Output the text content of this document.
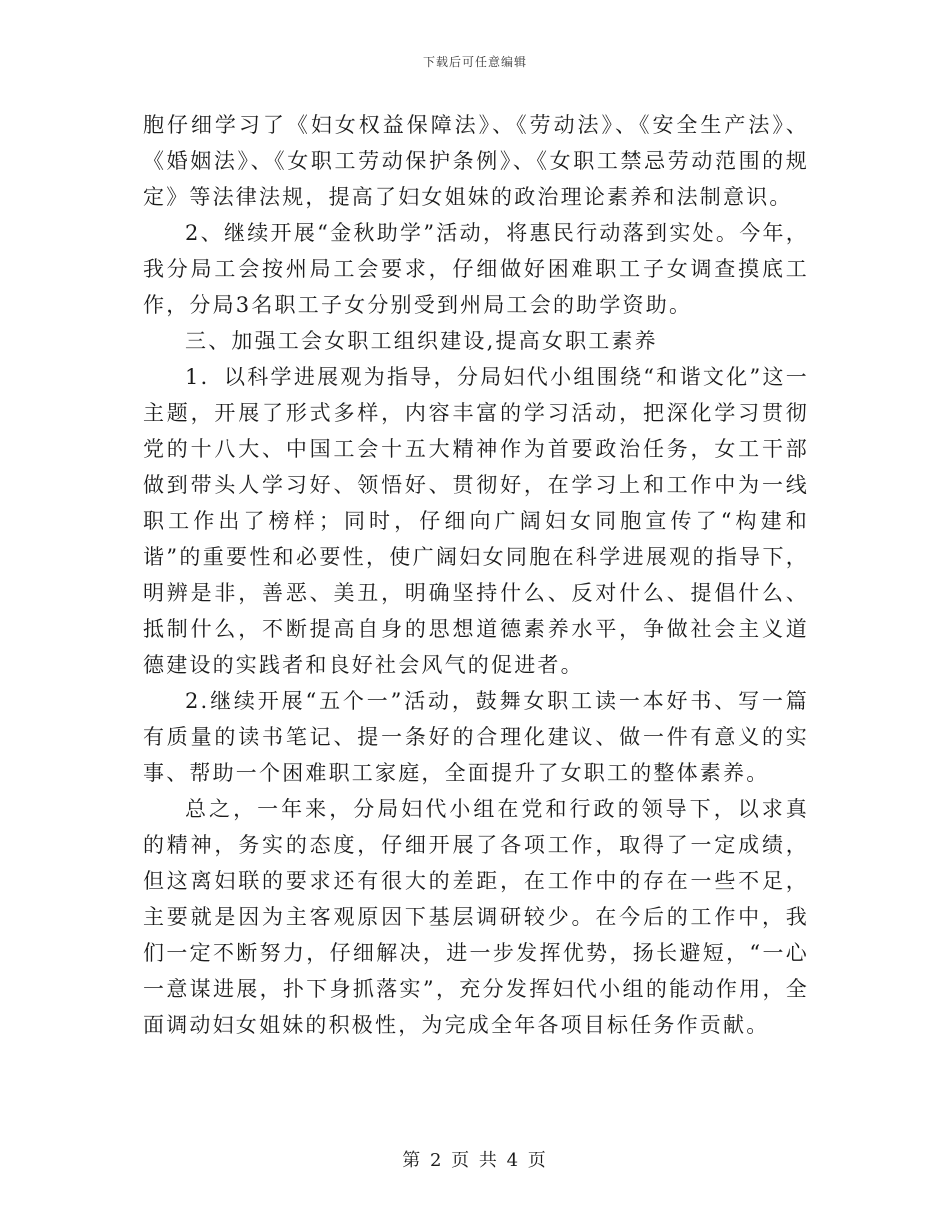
下载后可任意编辑

胞仔细学习了《妇女权益保障法》、《劳动法》、《安全生产法》、《婚姻法》、《女职工劳动保护条例》、《女职工禁忌劳动范围的规定》等法律法规，提高了妇女姐妹的政治理论素养和法制意识。

2、继续开展“金秋助学”活动，将惠民行动落到实处。今年，我分局工会按州局工会要求，仔细做好困难职工子女调查摸底工作，分局3名职工子女分别受到州局工会的助学资助。

三、加强工会女职工组织建设,提高女职工素养

1．以科学进展观为指导，分局妇代小组围绕“和谐文化”这一主题，开展了形式多样，内容丰富的学习活动，把深化学习贯彻党的十八大、中国工会十五大精神作为首要政治任务，女工干部做到带头人学习好、领悟好、贯彻好，在学习上和工作中为一线职工作出了榜样；同时，仔细向广阔妇女同胞宣传了“构建和谐”的重要性和必要性，使广阔妇女同胞在科学进展观的指导下，明辨是非，善恶、美丑，明确坚持什么、反对什么、提倡什么、抵制什么，不断提高自身的思想道德素养水平，争做社会主义道德建设的实践者和良好社会风气的促进者。

2.继续开展“五个一”活动，鼓舞女职工读一本好书、写一篇有质量的读书笔记、提一条好的合理化建议、做一件有意义的实事、帮助一个困难职工家庭，全面提升了女职工的整体素养。

总之，一年来，分局妇代小组在党和行政的领导下，以求真的精神，务实的态度，仔细开展了各项工作，取得了一定成绩，但这离妇联的要求还有很大的差距，在工作中的存在一些不足，主要就是因为主客观原因下基层调研较少。在今后的工作中，我们一定不断努力，仔细解决，进一步发挥优势，扬长避短，“一心一意谋进展，扑下身抓落实”，充分发挥妇代小组的能动作用，全面调动妇女姐妹的积极性，为完成全年各项目标任务作贡献。

第 2 页 共 4 页
